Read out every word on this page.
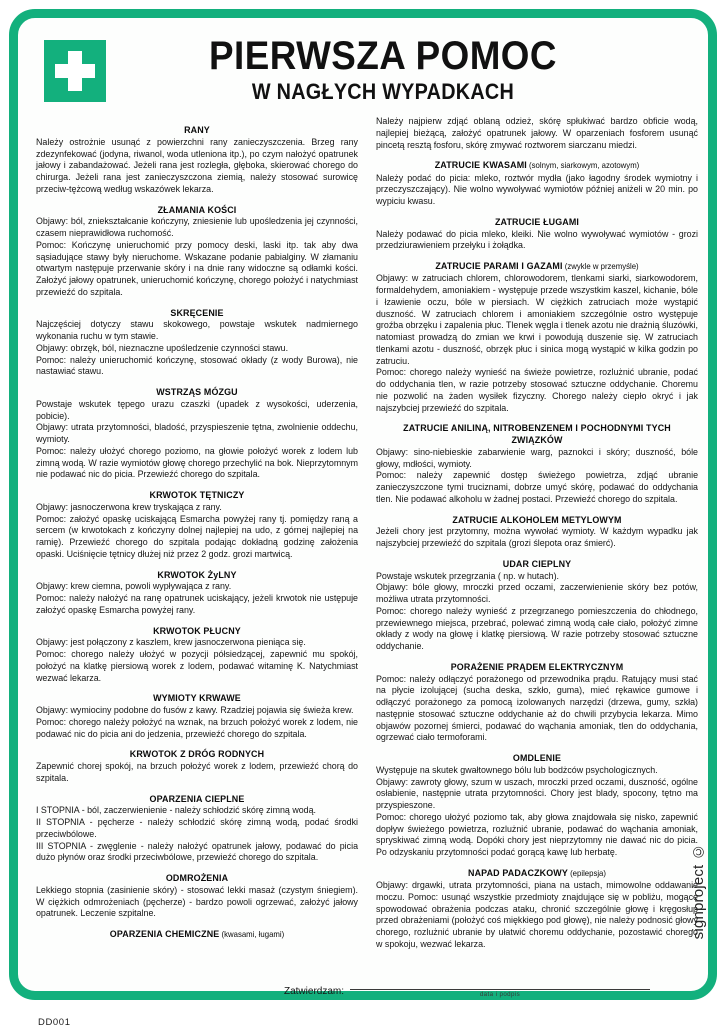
PIERWSZA POMOC
W NAGŁYCH WYPADKACH
RANY

Należy ostrożnie usunąć z powierzchni rany zanieczyszczenia. Brzeg rany zdezynfekować (jodyna, riwanol, woda utleniona itp.), po czym nałożyć opatrunek jałowy i zabandażować. Jeżeli rana jest rozległa, głęboka, skierować chorego do chirurga. Jeżeli rana jest zanieczyszczona ziemią, należy stosować surowicę przeciw-tężcową według wskazówek lekarza.

ZŁAMANIA KOŚCI

Objawy: ból, zniekształcanie kończyny, zniesienie lub upośledzenia jej czynności, czasem nieprawidłowa ruchomość.

Pomoc: Kończynę unieruchomić przy pomocy deski, laski itp. tak aby dwa sąsiadujące stawy były nieruchome. Wskazane podanie pabialginy. W złamaniu otwartym następuje przerwanie skóry i na dnie rany widoczne są odłamki kości. Założyć jałowy opatrunek, unieruchomić kończynę, chorego położyć i natychmiast przewieźć do szpitala.

SKRĘCENIE

Najczęściej dotyczy stawu skokowego, powstaje wskutek nadmiernego wykonania ruchu w tym stawie.

Objawy: obrzęk, ból, nieznaczne upośledzenie czynności stawu.

Pomoc: należy unieruchomić kończynę, stosować okłady (z wody Burowa), nie nastawiać stawu.

WSTRZĄS MÓZGU

Powstaje wskutek tępego urazu czaszki (upadek z wysokości, uderzenia, pobicie).

Objawy: utrata przytomności, bladość, przyspieszenie tętna, zwolnienie oddechu, wymioty.

Pomoc: należy ułożyć chorego poziomo, na głowie położyć worek z lodem lub zimną wodą. W razie wymiotów głowę chorego przechylić na bok. Nieprzytomnym nie podawać nic do picia. Przewieźć chorego do szpitala.

KRWOTOK TĘTNICZY

Objawy: jasnoczerwona krew tryskająca z rany.

Pomoc: założyć opaskę uciskającą Esmarcha powyżej rany tj. pomiędzy raną a sercem (w krwotokach z kończyny dolnej najlepiej na udo, z górnej najlepiej na ramię). Przewieźć chorego do szpitala podając dokładną godzinę założenia opaski. Uciśnięcie tętnicy dłużej niż przez 2 godz. grozi martwicą.

KRWOTOK ŻyLNY

Objawy: krew ciemna, powoli wypływająca z rany.

Pomoc: należy nałożyć na ranę opatrunek uciskający, jeżeli krwotok nie ustępuje założyć opaskę Esmarcha powyżej rany.

KRWOTOK PŁUCNY

Objawy: jest połączony z kaszlem, krew jasnoczerwona pieniąca się.

Pomoc: chorego należy ułożyć w pozycji półsiedzącej, zapewnić mu spokój, położyć na klatkę piersiową worek z lodem, podawać witaminę K. Natychmiast wezwać lekarza.

WYMIOTY KRWAWE

Objawy: wymiociny podobne do fusów z kawy. Rzadziej pojawia się świeża krew.

Pomoc: chorego należy położyć na wznak, na brzuch położyć worek z lodem, nie podawać nic do picia ani do jedzenia, przewieźć chorego do szpitala.

KRWOTOK Z DRÓG RODNYCH

Zapewnić chorej spokój, na brzuch położyć worek z lodem, przewieźć chorą do szpitala.

OPARZENIA CIEPLNE

I STOPNIA - ból, zaczerwienienie - należy schłodzić skórę zimną wodą.

II STOPNIA - pęcherze - należy schłodzić skórę zimną wodą, podać środki przeciwbólowe.

III STOPNIA - zwęglenie - należy nałożyć opatrunek jałowy, podawać do picia dużo płynów oraz środki przeciwbólowe, przewieźć chorego do szpitala.

ODMROŻENIA

Lekkiego stopnia (zasinienie skóry) - stosować lekki masaż (czystym śniegiem). W ciężkich odmrożeniach (pęcherze) - bardzo powoli ogrzewać, założyć jałowy opatrunek. Leczenie szpitalne.

OPARZENIA CHEMICZNE (kwasami, ługami)

Należy najpierw zdjąć oblaną odzież, skórę spłukiwać bardzo obficie wodą, najlepiej bieżącą, założyć opatrunek jałowy. W oparzeniach fosforem usunąć pincetą resztą fosforu, skórę zmywać roztworem siarczanu miedzi.

ZATRUCIE KWASAMI (solnym, siarkowym, azotowym)

Należy podać do picia: mleko, roztwór mydła (jako łagodny środek wymiotny i przeczyszczający). Nie wolno wywoływać wymiotów później aniżeli w 20 min. po wypiciu kwasu.

ZATRUCIE ŁUGAMI

Należy podawać do picia mleko, kleiki. Nie wolno wywoływać wymiotów - grozi przedziurawieniem przełyku i żołądka.

ZATRUCIE PARAMI I GAZAMI (zwykle w przemyśle)

Objawy: w zatruciach chlorem, chlorowodorem, tlenkami siarki, siarkowodorem, formaldehydem, amoniakiem - występuje przede wszystkim kaszel, kichanie, bóle i łzawienie oczu, bóle w piersiach. W ciężkich zatruciach może wystąpić duszność. W zatruciach chlorem i amoniakiem szczególnie ostro występuje groźba obrzęku i zapalenia płuc. Tlenek węgla i tlenek azotu nie drażnią śluzówki, natomiast prowadzą do zmian we krwi i powodują duszenie się. W zatruciach tlenkami azotu - duszność, obrzęk płuc i sinica mogą wystąpić w kilka godzin po zatruciu.

Pomoc: chorego należy wynieść na świeże powietrze, rozlużnić ubranie, podać do oddychania tlen, w razie potrzeby stosować sztuczne oddychanie. Choremu nie pozwolić na żaden wysiłek fizyczny. Chorego należy ciepło okryć i jak najszybciej przewieźć do szpitala.

ZATRUCIE ANILINĄ, NITROBENZENEM I POCHODNYMI TYCH ZWIĄZKÓW

Objawy: sino-niebieskie zabarwienie warg, paznokci i skóry; duszność, bóle głowy, mdłości, wymioty.

Pomoc: należy zapewnić dostęp świeżego powietrza, zdjąć ubranie zanieczyszczone tymi truciznami, dobrze umyć skórę, podawać do oddychania tlen. Nie podawać alkoholu w żadnej postaci. Przewieźć chorego do szpitala.

ZATRUCIE ALKOHOLEM METYLOWYM

Jeżeli chory jest przytomny, można wywołać wymioty. W każdym wypadku jak najszybciej przewieźć do szpitala (grozi ślepota oraz śmierć).

UDAR CIEPLNY

Powstaje wskutek przegrzania ( np. w hutach).

Objawy: bóle głowy, mroczki przed oczami, zaczerwienienie skóry bez potów, możliwa utrata przytomności.

Pomoc: chorego należy wynieść z przegrzanego pomieszczenia do chłodnego, przewiewnego miejsca, przebrać, polewać zimną wodą całe ciało, położyć zimne okłady z wody na głowę i klatkę piersiową. W razie potrzeby stosować sztuczne oddychanie.

PORAŻENIE PRĄDEM ELEKTRYCZNYM

Pomoc: należy odłączyć porażonego od przewodnika prądu. Ratujący musi stać na płycie izolującej (sucha deska, szkło, guma), mieć rękawice gumowe i odłączyć porażonego za pomocą izolowanych narzędzi (drzewa, gumy, szkła) następnie stosować sztuczne oddychanie aż do chwili przybycia lekarza. Mimo objawów pozornej śmierci, podawać do wąchania amoniak, tlen do oddychania, ogrzewać ciało termoforami.

OMDLENIE

Występuje na skutek gwałtownego bólu lub bodżców psychologicznych.

Objawy: zawroty głowy, szum w uszach, mroczki przed oczami, duszność, ogólne osłabienie, następnie utrata przytomności. Chory jest blady, spocony, tętno ma przyspieszone.

Pomoc: chorego ułożyć poziomo tak, aby głowa znajdowała się nisko, zapewnić dopływ świeżego powietrza, rozlużnić ubranie, podawać do wąchania amoniak, spryskiwać zimną wodą. Dopóki chory jest nieprzytomny nie dawać nic do picia. Po odzyskaniu przytomności podać gorącą kawę lub herbatę.

NAPAD PADACZKOWY (epilepsja)

Objawy: drgawki, utrata przytomności, piana na ustach, mimowolne oddawanie moczu. Pomoc: usunąć wszystkie przedmioty znajdujące się w pobliżu, mogące spowodować obrażenia podczas ataku, chronić szczególnie głowę i kręgosłup przed obrażeniami (położyć coś miękkiego pod głowę), nie należy podnosić głowy chorego, rozlużnić ubranie by ułatwić choremu oddychanie, pozostawić chorego w spokoju, wezwać lekarza.

Zatwierdzam:	data i podpis
signproject ©
DD001
